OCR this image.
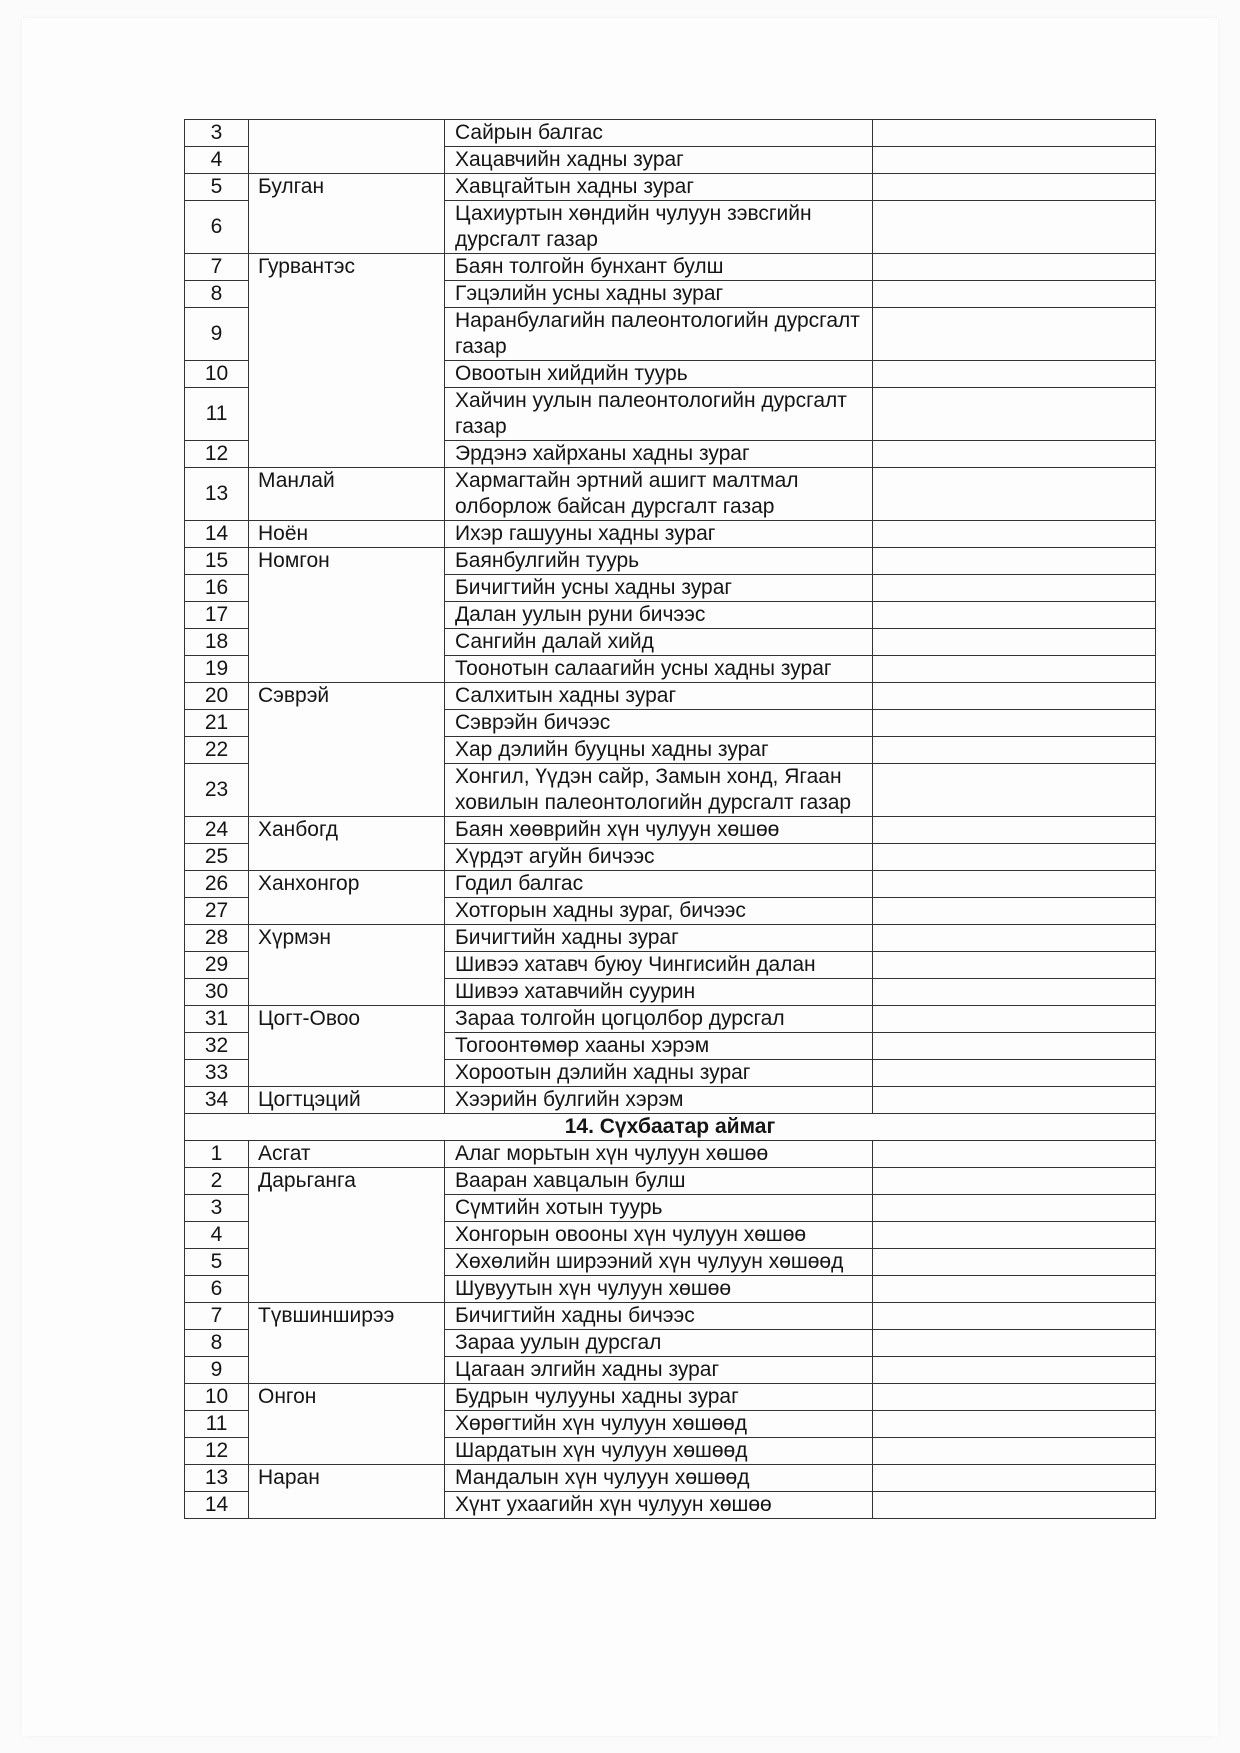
3		Сайрын балгас	
4		Хацавчийн хадны зураг	
5	Булган	Хавцгайтын хадны зураг	
6		Цахиуртын хөндийн чулуун зэвсгийн дурсгалт газар	
7	Гурвантэс	Баян толгойн бунхант булш	
8		Гэцэлийн усны хадны зураг	
9		Наранбулагийн палеонтологийн дурсгалт газар	
10		Овоотын хийдийн туурь	
11		Хайчин уулын палеонтологийн дурсгалт газар	
12		Эрдэнэ хайрханы хадны зураг	
13	Манлай	Хармагтайн эртний ашигт малтмал олборлож байсан дурсгалт газар	
14	Ноён	Ихэр гашууны хадны зураг	
15	Номгон	Баянбулгийн туурь	
16		Бичигтийн усны хадны зураг	
17		Далан уулын руни бичээс	
18		Сангийн далай хийд	
19		Тоонотын салаагийн усны хадны зураг	
20	Сэврэй	Салхитын хадны зураг	
21		Сэврэйн бичээс	
22		Хар дэлийн бууцны хадны зураг	
23		Хонгил, Үүдэн сайр, Замын хонд, Ягаан ховилын палеонтологийн дурсгалт газар	
24	Ханбогд	Баян хөөврийн хүн чулуун хөшөө	
25		Хүрдэт агуйн бичээс	
26	Ханхонгор	Годил балгас	
27		Хотгорын хадны зураг, бичээс	
28	Хүрмэн	Бичигтийн хадны зураг	
29		Шивээ хатавч буюу Чингисийн далан	
30		Шивээ хатавчийн суурин	
31	Цогт-Овоо	Зараа толгойн цогцолбор дурсгал	
32		Тогоонтөмөр хааны хэрэм	
33		Хороотын дэлийн хадны зураг	
34	Цогтцэций	Хээрийн булгийн хэрэм	
14. Сүхбаатар аймаг			
1	Асгат	Алаг морьтын хүн чулуун хөшөө	
2	Дарьганга	Ваарaн хавцалын булш	
3		Сүмтийн хотын туурь	
4		Хонгорын овооны хүн чулуун хөшөө	
5		Хөхөлийн ширээний хүн чулуун хөшөөд	
6		Шувуутын хүн чулуун хөшөө	
7	Түвшинширээ	Бичигтийн хадны бичээс	
8		Зараа уулын дурсгал	
9		Цагаан элгийн хадны зураг	
10	Онгон	Будрын чулууны хадны зураг	
11		Хөрөгтийн хүн чулуун хөшөөд	
12		Шардатын хүн чулуун хөшөөд	
13	Наран	Мандалын хүн чулуун хөшөөд	
14		Хүнт ухаагийн хүн чулуун хөшөө	
